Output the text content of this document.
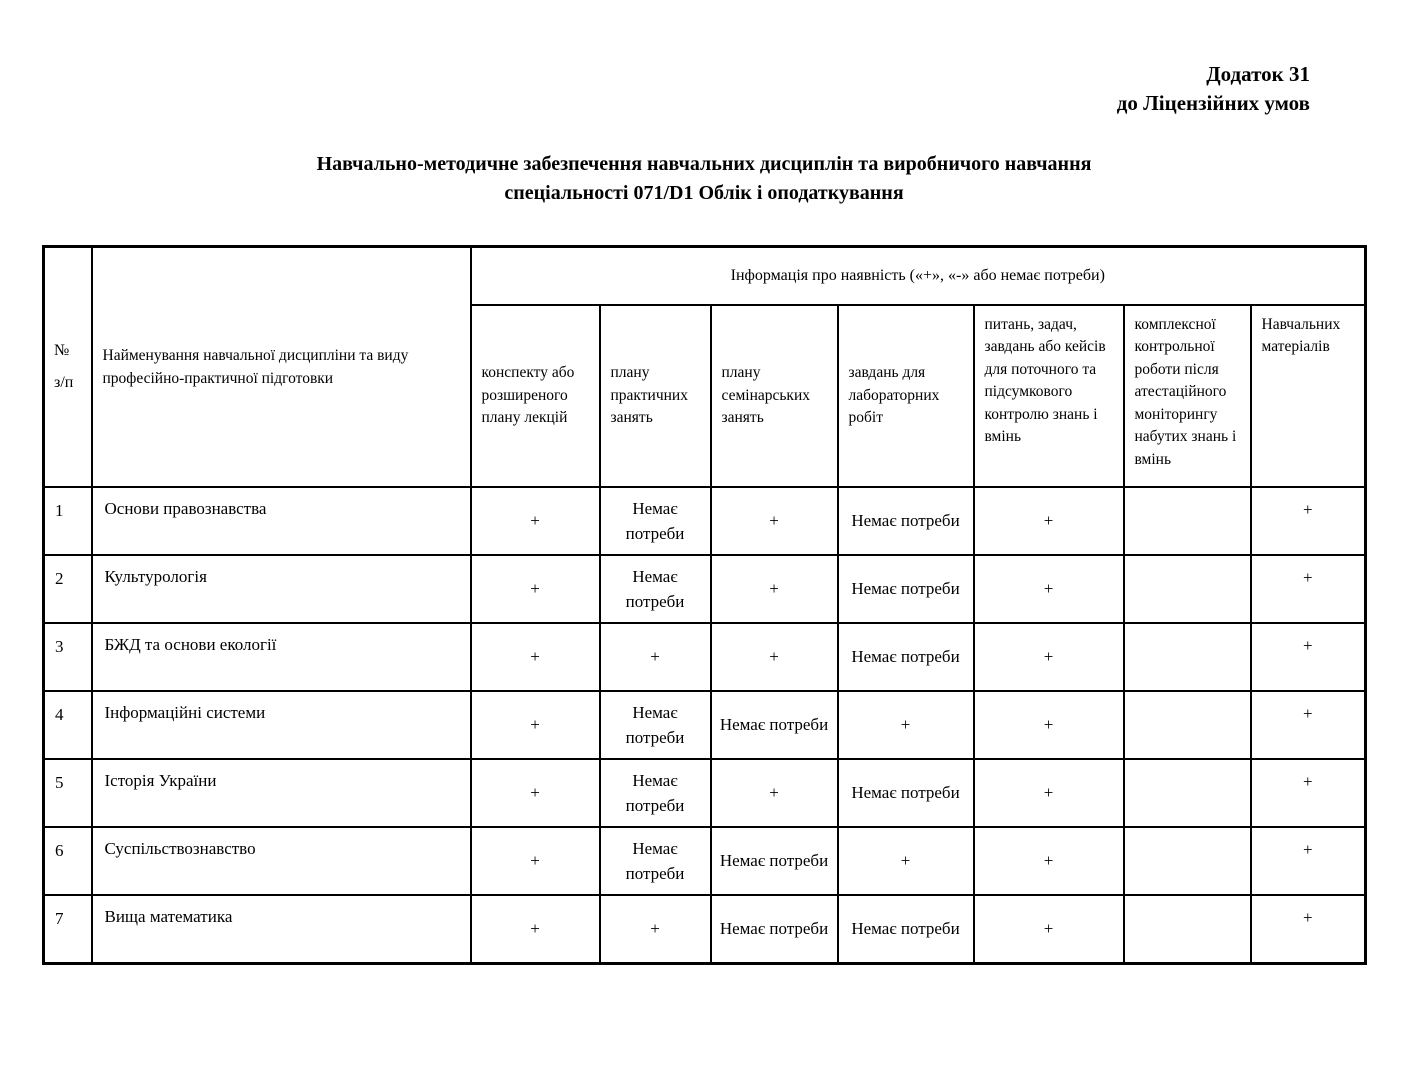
Додаток 31
до Ліцензійних умов
Навчально-методичне забезпечення навчальних дисциплін та виробничого навчання
спеціальності 071/D1 Облік і оподаткування
№
з/п	Найменування навчальної дисципліни та виду професійно-практичної підготовки	Інформація про наявність («+», «-» або немає потреби)						
		конспекту або розширеного плану лекцій	плану практичних занять	плану семінарських занять	завдань для лабораторних робіт	питань, задач, завдань або кейсів для поточного та підсумкового контролю знань і вмінь	комплексної контрольної роботи після атестаційного моніторингу набутих знань і вмінь	Навчальних матеріалів
1	Основи правознавства	+	Немає потреби	+	Немає потреби	+		+
2	Культурологія	+	Немає потреби	+	Немає потреби	+		+
3	БЖД та основи екології	+	+	+	Немає потреби	+		+
4	Інформаційні системи	+	Немає потреби	Немає потреби	+	+		+
5	Історія України	+	Немає потреби	+	Немає потреби	+		+
6	Суспільствознавство	+	Немає потреби	Немає потреби	+	+		+
7	Вища математика	+	+	Немає потреби	Немає потреби	+		+
